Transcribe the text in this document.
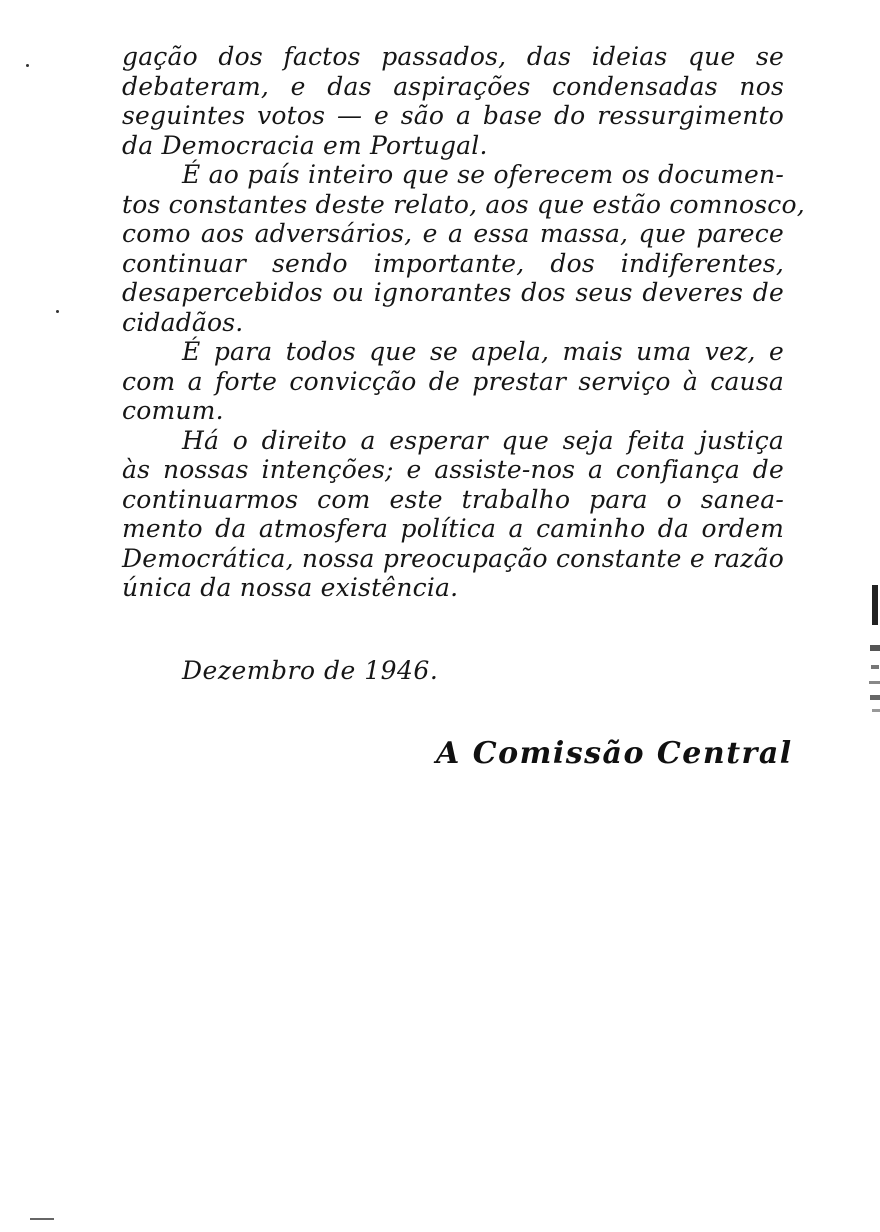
gação dos factos passados, das ideias que se
debateram, e das aspirações condensadas nos
seguintes votos — e são a base do ressurgimento
da Democracia em Portugal.
É ao país inteiro que se oferecem os documen-
tos constantes deste relato, aos que estão comnosco,
como aos adversários, e a essa massa, que parece
continuar sendo importante, dos indiferentes,
desapercebidos ou ignorantes dos seus deveres de
cidadãos.
É para todos que se apela, mais uma vez, e
com a forte convicção de prestar serviço à causa
comum.
Há o direito a esperar que seja feita justiça
às nossas intenções; e assiste-nos a confiança de
continuarmos com este trabalho para o sanea-
mento da atmosfera política a caminho da ordem
Democrática, nossa preocupação constante e razão
única da nossa existência.
Dezembro de 1946.
A Comissão Central
